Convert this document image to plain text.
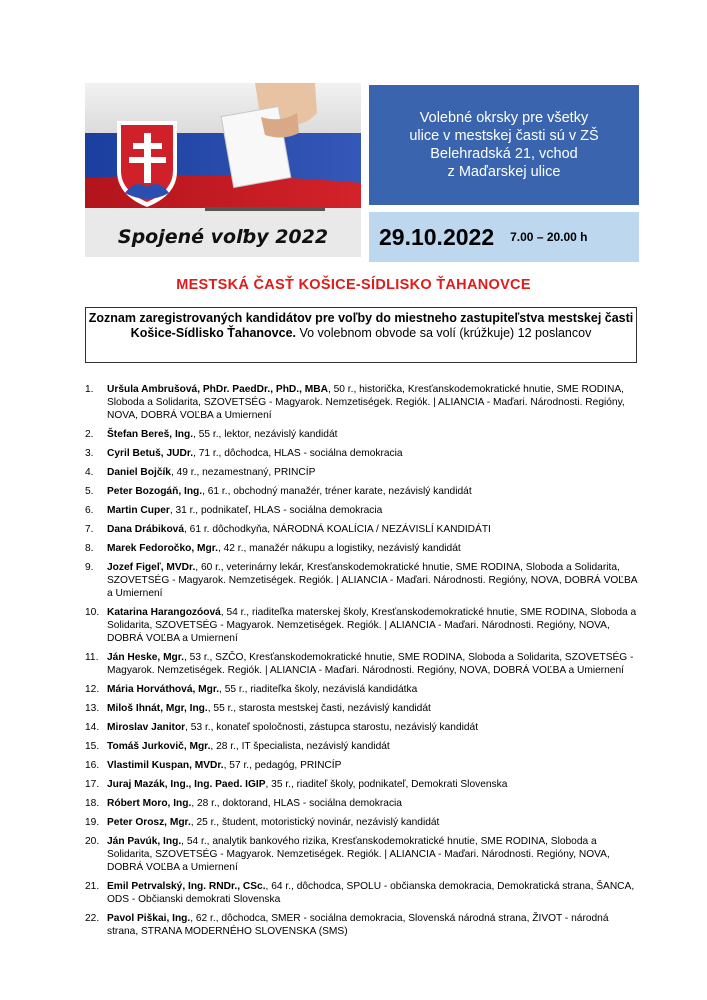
Spojené voľby 2022
Volebné okrsky pre všetky
ulice v mestskej časti sú v ZŠ
Belehradská 21, vchod
z Maďarskej ulice
29.10.2022 7.00 – 20.00 h
MESTSKÁ ČASŤ KOŠICE-SÍDLISKO ŤAHANOVCE
Zoznam zaregistrovaných kandidátov pre voľby do miestneho zastupiteľstva mestskej časti Košice-Sídlisko Ťahanovce. Vo volebnom obvode sa volí (krúžkuje) 12 poslancov
1. Uršula Ambrušová, PhDr. PaedDr., PhD., MBA, 50 r., historička, Kresťanskodemokratické hnutie, SME RODINA, Sloboda a Solidarita, SZOVETSÉG - Magyarok. Nemzetiségek. Regiók. | ALIANCIA - Maďari. Národnosti. Regióny, NOVA, DOBRÁ VOĽBA a Umiernení
2. Štefan Bereš, Ing., 55 r., lektor, nezávislý kandidát
3. Cyril Betuš, JUDr., 71 r., dôchodca, HLAS - sociálna demokracia
4. Daniel Bojčík, 49 r., nezamestnaný, PRINCÍP
5. Peter Bozogáň, Ing., 61 r., obchodný manažér, tréner karate, nezávislý kandidát
6. Martin Cuper, 31 r., podnikateľ, HLAS - sociálna demokracia
7. Dana Drábiková, 61 r. dôchodkyňa, NÁRODNÁ KOALÍCIA / NEZÁVISLÍ KANDIDÁTI
8. Marek Fedoročko, Mgr., 42 r., manažér nákupu a logistiky, nezávislý kandidát
9. Jozef Figeľ, MVDr., 60 r., veterinárny lekár, Kresťanskodemokratické hnutie, SME RODINA, Sloboda a Solidarita, SZOVETSÉG - Magyarok. Nemzetiségek. Regiók. | ALIANCIA - Maďari. Národnosti. Regióny, NOVA, DOBRÁ VOĽBA a Umiernení
10. Katarina Harangozóová, 54 r., riaditeľka materskej školy, Kresťanskodemokratické hnutie, SME RODINA, Sloboda a Solidarita, SZOVETSÉG - Magyarok. Nemzetiségek. Regiók. | ALIANCIA - Maďari. Národnosti. Regióny, NOVA, DOBRÁ VOĽBA a Umiernení
11. Ján Heske, Mgr., 53 r., SZČO, Kresťanskodemokratické hnutie, SME RODINA, Sloboda a Solidarita, SZOVETSÉG - Magyarok. Nemzetiségek. Regiók. | ALIANCIA - Maďari. Národnosti. Regióny, NOVA, DOBRÁ VOĽBA a Umiernení
12. Mária Horváthová, Mgr., 55 r., riaditeľka školy, nezávislá kandidátka
13. Miloš Ihnát, Mgr, Ing., 55 r., starosta mestskej časti, nezávislý kandidát
14. Miroslav Janitor, 53 r., konateľ spoločnosti, zástupca starostu, nezávislý kandidát
15. Tomáš Jurkovič, Mgr., 28 r., IT špecialista, nezávislý kandidát
16. Vlastimil Kuspan, MVDr., 57 r., pedagóg, PRINCÍP
17. Juraj Mazák, Ing., Ing. Paed. IGIP, 35 r., riaditeľ školy, podnikateľ, Demokrati Slovenska
18. Róbert Moro, Ing., 28 r., doktorand, HLAS - sociálna demokracia
19. Peter Orosz, Mgr., 25 r., študent, motoristický novinár, nezávislý kandidát
20. Ján Pavúk, Ing., 54 r., analytik bankového rizika, Kresťanskodemokratické hnutie, SME RODINA, Sloboda a Solidarita, SZOVETSÉG - Magyarok. Nemzetiségek. Regiók. | ALIANCIA - Maďari. Národnosti. Regióny, NOVA, DOBRÁ VOĽBA a Umiernení
21. Emil Petrvalský, Ing. RNDr., CSc., 64 r., dôchodca, SPOLU - občianska demokracia, Demokratická strana, ŠANCA, ODS - Občianski demokrati Slovenska
22. Pavol Piškai, Ing., 62 r., dôchodca, SMER - sociálna demokracia, Slovenská národná strana, ŽIVOT - národná strana, STRANA MODERNÉHO SLOVENSKA (SMS)
